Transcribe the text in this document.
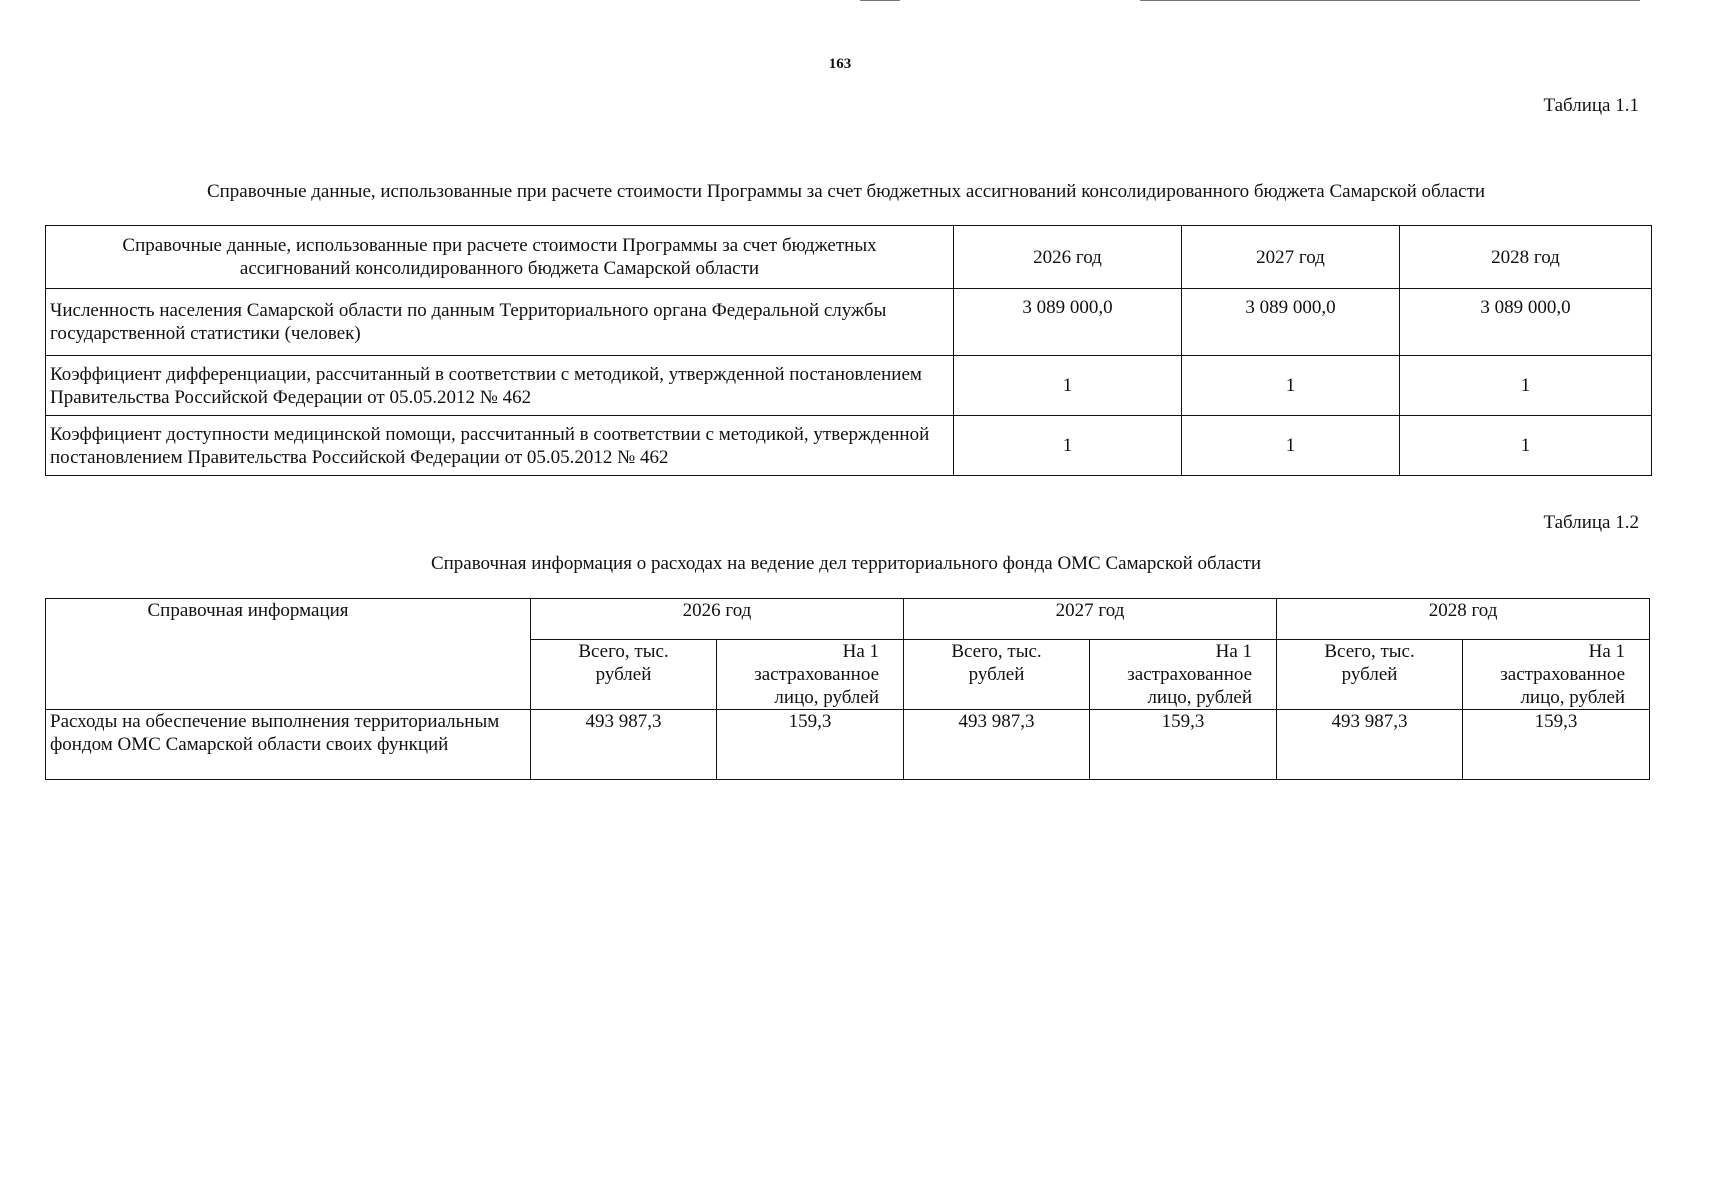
163
Таблица 1.1
Справочные данные, использованные при расчете стоимости Программы за счет бюджетных ассигнований консолидированного бюджета Самарской области
Справочные данные, использованные при расчете стоимости Программы за счет бюджетных ассигнований консолидированного бюджета Самарской области	2026 год	2027 год	2028 год
Численность населения Самарской области по данным Территориального органа Федеральной службы государственной статистики (человек)	3 089 000,0	3 089 000,0	3 089 000,0
Коэффициент дифференциации, рассчитанный в соответствии с методикой, утвержденной постановлением Правительства Российской Федерации от 05.05.2012 № 462	1	1	1
Коэффициент доступности медицинской помощи, рассчитанный в соответствии с методикой, утвержденной постановлением Правительства Российской Федерации от 05.05.2012 № 462	1	1	1
Таблица 1.2
Справочная информация о расходах на ведение дел территориального фонда ОМС Самарской области
Справочная информация	2026 год		2027 год		2028 год	
	Всего, тыс. рублей	На 1 застрахованное лицо, рублей	Всего, тыс. рублей	На 1 застрахованное лицо, рублей	Всего, тыс. рублей	На 1 застрахованное лицо, рублей
Расходы на обеспечение выполнения территориальным фондом ОМС Самарской области своих функций	493 987,3	159,3	493 987,3	159,3	493 987,3	159,3
